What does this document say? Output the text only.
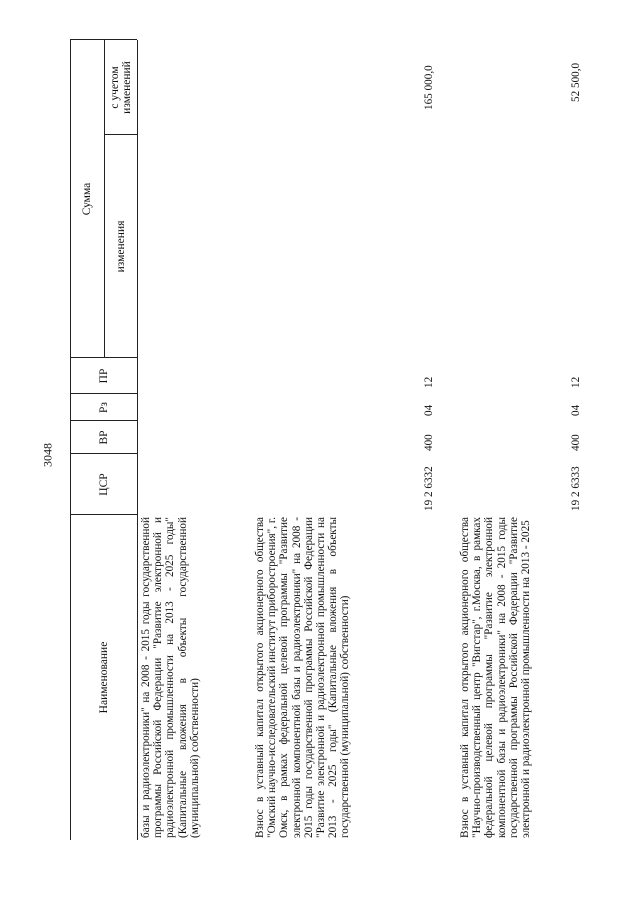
3048
Наименование
ЦСР
ВР
Рз
ПР
Сумма
изменения
с учетом изменений
базы и радиоэлектроники" на 2008 - 2015 годы государственной программы Российской Федерации "Развитие электронной и радиоэлектронной промышленности на 2013 - 2025 годы" (Капитальные вложения в объекты государственной (муниципальной) собственности)	Взнос в уставный капитал открытого акционерного общества "Омский научно-исследовательский институт приборостроения", г. Омск, в рамках федеральной целевой программы "Развитие электронной компонентной базы и радиоэлектроники" на 2008 - 2015 годы государственной программы Российской Федерации "Развитие электронной и радиоэлектронной промышленности на 2013 - 2025 годы" (Капитальные вложения в объекты государственной (муниципальной) собственности)
19 2 6332
400
04
12
165 000,0
Взнос в уставный капитал открытого акционерного общества "Научно-производственный центр "Вигстар", г.Москва, в рамках федеральной целевой программы "Развитие электронной компонентной базы и радиоэлектроники" на 2008 - 2015 годы государственной программы Российской Федерации "Развитие электронной и радиоэлектронной промышленности на 2013 - 2025
19 2 6333
400
04
12
52 500,0
